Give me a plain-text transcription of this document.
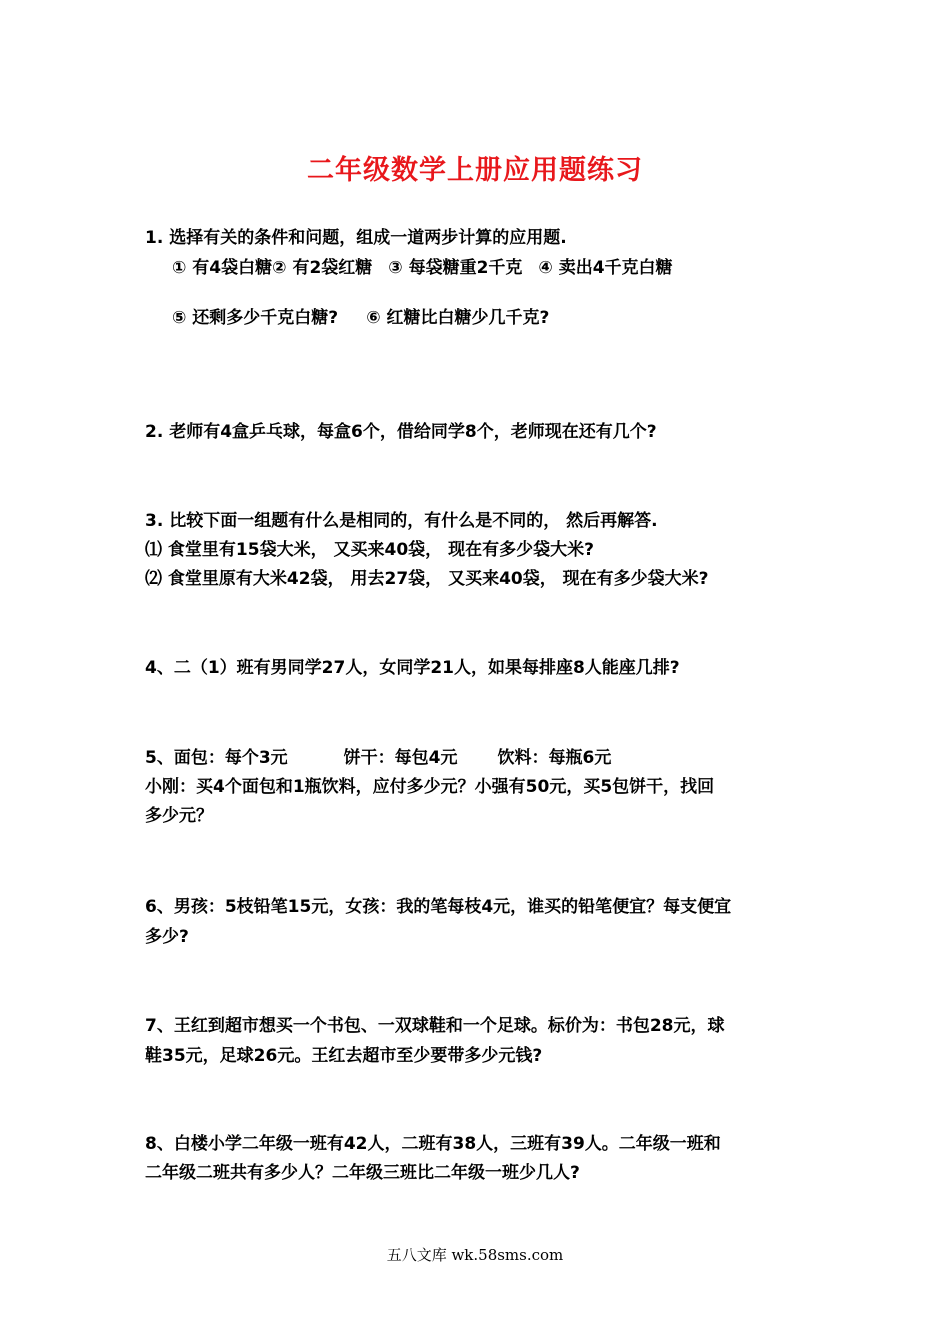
二年级数学上册应用题练习
1. 选择有关的条件和问题，组成一道两步计算的应用题.
① 有4袋白糖② 有2袋红糖 ③ 每袋糖重2千克 ④ 卖出4千克白糖
⑤ 还剩多少千克白糖? ⑥ 红糖比白糖少几千克?
2. 老师有4盒乒乓球，每盒6个，借给同学8个，老师现在还有几个?
3. 比较下面一组题有什么是相同的，有什么是不同的， 然后再解答.
⑴ 食堂里有15袋大米， 又买来40袋， 现在有多少袋大米?
⑵ 食堂里原有大米42袋， 用去27袋， 又买来40袋， 现在有多少袋大米?
4、二（1）班有男同学27人，女同学21人，如果每排座8人能座几排?
5、面包：每个3元	饼干：每包4元 饮料：每瓶6元
小刚：买4个面包和1瓶饮料，应付多少元？小强有50元，买5包饼干，找回
多少元？
6、男孩：5枝铅笔15元，女孩：我的笔每枝4元，谁买的铅笔便宜？每支便宜
多少?
7、王红到超市想买一个书包、一双球鞋和一个足球。标价为：书包28元，球
鞋35元，足球26元。王红去超市至少要带多少元钱?
8、白楼小学二年级一班有42人，二班有38人，三班有39人。二年级一班和
二年级二班共有多少人？二年级三班比二年级一班少几人?
五八文库 wk.58sms.com
